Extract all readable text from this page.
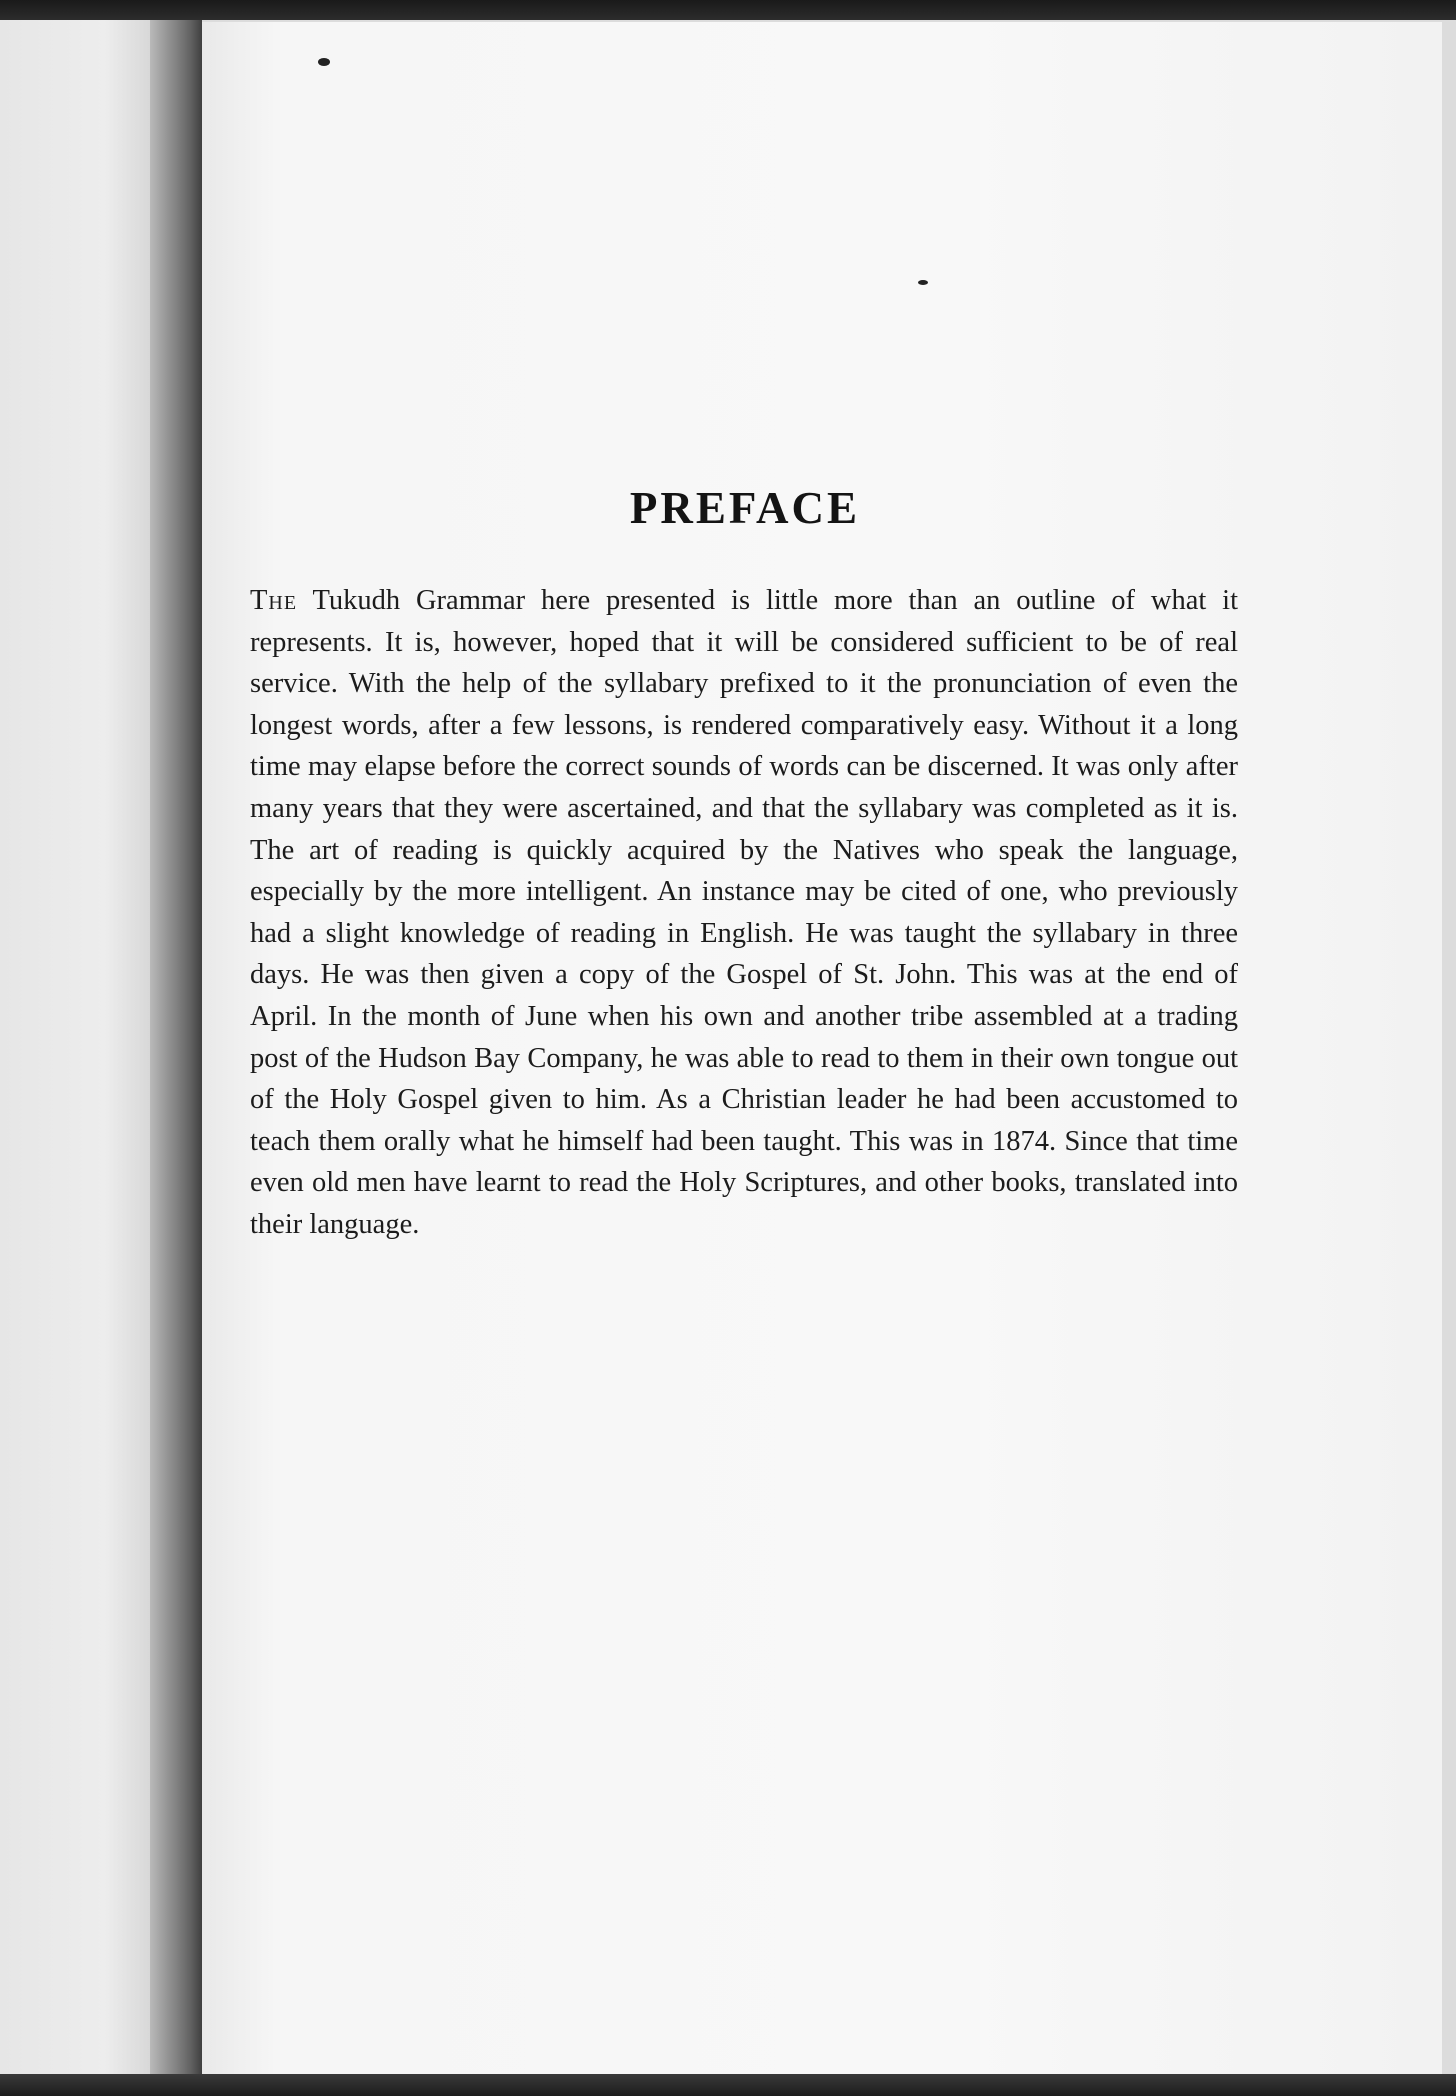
PREFACE

The Tukudh Grammar here presented is little more than an outline of what it represents. It is, however, hoped that it will be considered sufficient to be of real service. With the help of the syllabary prefixed to it the pronunciation of even the longest words, after a few lessons, is rendered comparatively easy. Without it a long time may elapse before the correct sounds of words can be discerned. It was only after many years that they were ascertained, and that the syllabary was completed as it is. The art of reading is quickly acquired by the Natives who speak the language, especially by the more intelligent. An instance may be cited of one, who previously had a slight knowledge of reading in English. He was taught the syllabary in three days. He was then given a copy of the Gospel of St. John. This was at the end of April. In the month of June when his own and another tribe assembled at a trading post of the Hudson Bay Company, he was able to read to them in their own tongue out of the Holy Gospel given to him. As a Christian leader he had been accustomed to teach them orally what he himself had been taught. This was in 1874. Since that time even old men have learnt to read the Holy Scriptures, and other books, translated into their language.
